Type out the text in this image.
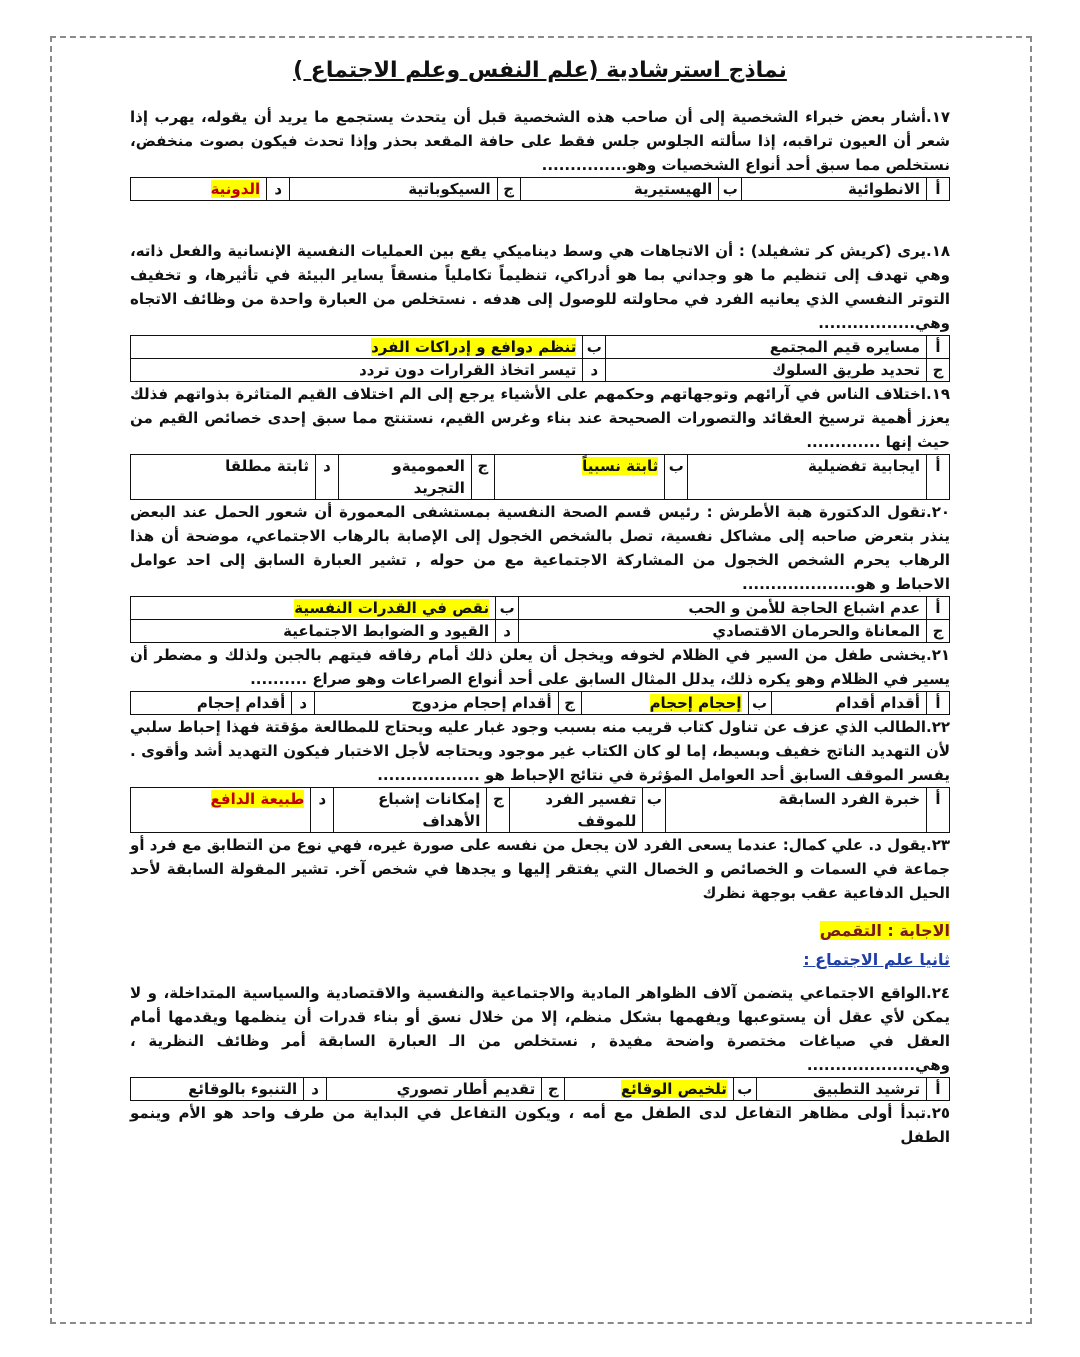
نماذج استرشادية (علم النفس وعلم الاجتماع )

١٧.أشار بعض خبراء الشخصية إلى أن صاحب هذه الشخصية قبل أن يتحدث يستجمع ما يريد أن يقوله، يهرب إذا شعر أن العيون تراقبه، إذا سألته الجلوس جلس فقط على حافة المقعد بحذر وإذا تحدث فيكون بصوت منخفض، نستخلص مما سبق أحد أنواع الشخصيات وهو...............

أ	الانطوائية	ب	الهيستيرية	ج	السيكوباتية	د	الدونية

١٨.يرى (كريش كر تشفيلد) : أن الاتجاهات هي وسط ديناميكي يقع بين العمليات النفسية الإنسانية والفعل ذاته، وهي تهدف إلى تنظيم ما هو وجداني بما هو أدراكي، تنظيماً تكاملياً منسقاً يساير البيئة في تأثيرها، و تخفيف التوتر النفسي الذي يعانيه الفرد في محاولته للوصول إلى هدفه . نستخلص من العبارة واحدة من وظائف الاتجاه وهي.................

أ	مسايره قيم المجتمع	ب	تنظم دوافع و إدراكات الفرد
ج	تحديد طريق السلوك	د	تيسر اتخاذ القرارات دون تردد

١٩.اختلاف الناس في آرائهم وتوجهاتهم وحكمهم على الأشياء يرجع إلى الم اختلاف القيم المتاثرة بذواتهم فذلك يعزز أهمية ترسيخ العقائد والتصورات الصحيحة عند بناء وغرس القيم، نستنتج مما سبق إحدى خصائص القيم من حيث إنها .............

أ	ايجابية تفضيلية	ب	ثابتة نسبياً	ج	العموميةو التجريد	د	ثابتة مطلقا

٢٠.تقول الدكتورة هبة الأطرش : رئيس قسم الصحة النفسية بمستشفى المعمورة أن شعور الحمل عند البعض ينذر بتعرض صاحبه إلى مشاكل نفسية، تصل بالشخص الخجول إلى الإصابة بالرهاب الاجتماعي، موضحة أن هذا الرهاب يحرم الشخص الخجول من المشاركة الاجتماعية مع من حوله , تشير العبارة السابق إلى احد عوامل الاحباط و هو....................

أ	عدم اشباع الحاجة للأمن و الحب	ب	نقص في القدرات النفسية
ج	المعاناة والحرمان الاقتصادي	د	القيود و الضوابط الاجتماعية

٢١.يخشى طفل من السير في الظلام لخوفه ويخجل أن يعلن ذلك أمام رفاقه فيتهم بالجبن ولذلك و مضطر أن يسير في الظلام وهو يكره ذلك، يدلل المثال السابق على أحد أنواع الصراعات وهو صراع ..........

أ	أقدام أقدام	ب	إحجام إحجام	ج	أقدام إحجام مزدوج	د	أقدام إحجام

٢٢.الطالب الذي عزف عن تناول كتاب قريب منه بسبب وجود غبار عليه ويحتاج للمطالعة مؤقتة فهذا إحباط سلبي لأن التهديد الناتج خفيف وبسيط، إما لو كان الكتاب غير موجود ويحتاجه لأجل الاختبار فيكون التهديد أشد وأقوى . يفسر الموقف السابق أحد العوامل المؤثرة في نتائج الإحباط هو ..................

أ	خبرة الفرد السابقة	ب	تفسير الفرد للموقف	ج	إمكانات إشباع الأهداف	د	طبيعة الدافع

٢٣.يقول د. علي كمال: عندما يسعى الفرد لان يجعل من نفسه على صورة غيره، فهي نوع من التطابق مع فرد أو جماعة في السمات و الخصائص و الخصال التي يفتقر إليها و يجدها في شخص آخر. تشير المقولة السابقة لأحد الحيل الدفاعية عقب بوجهة نظرك

الاجابة : التقمص
ثانيا علم الاجتماع :

٢٤.الواقع الاجتماعي يتضمن آلاف الظواهر المادية والاجتماعية والنفسية والاقتصادية والسياسية المتداخلة، و لا يمكن لأي عقل أن يستوعبها ويفهمها بشكل منظم، إلا من خلال نسق أو بناء قدرات أن ينظمها ويقدمها أمام العقل في صياغات مختصرة واضحة مفيدة , نستخلص من الـ العبارة السابقة أمر وظائف النظرية ، وهي...................

أ	ترشيد التطبيق	ب	تلخيص الوقائع	ج	تقديم أطار تصوري	د	التنبوء بالوقائع

٢٥.تبدأ أولى مظاهر التفاعل لدى الطفل مع أمه ، ويكون التفاعل في البداية من طرف واحد هو الأم وينمو الطفل
